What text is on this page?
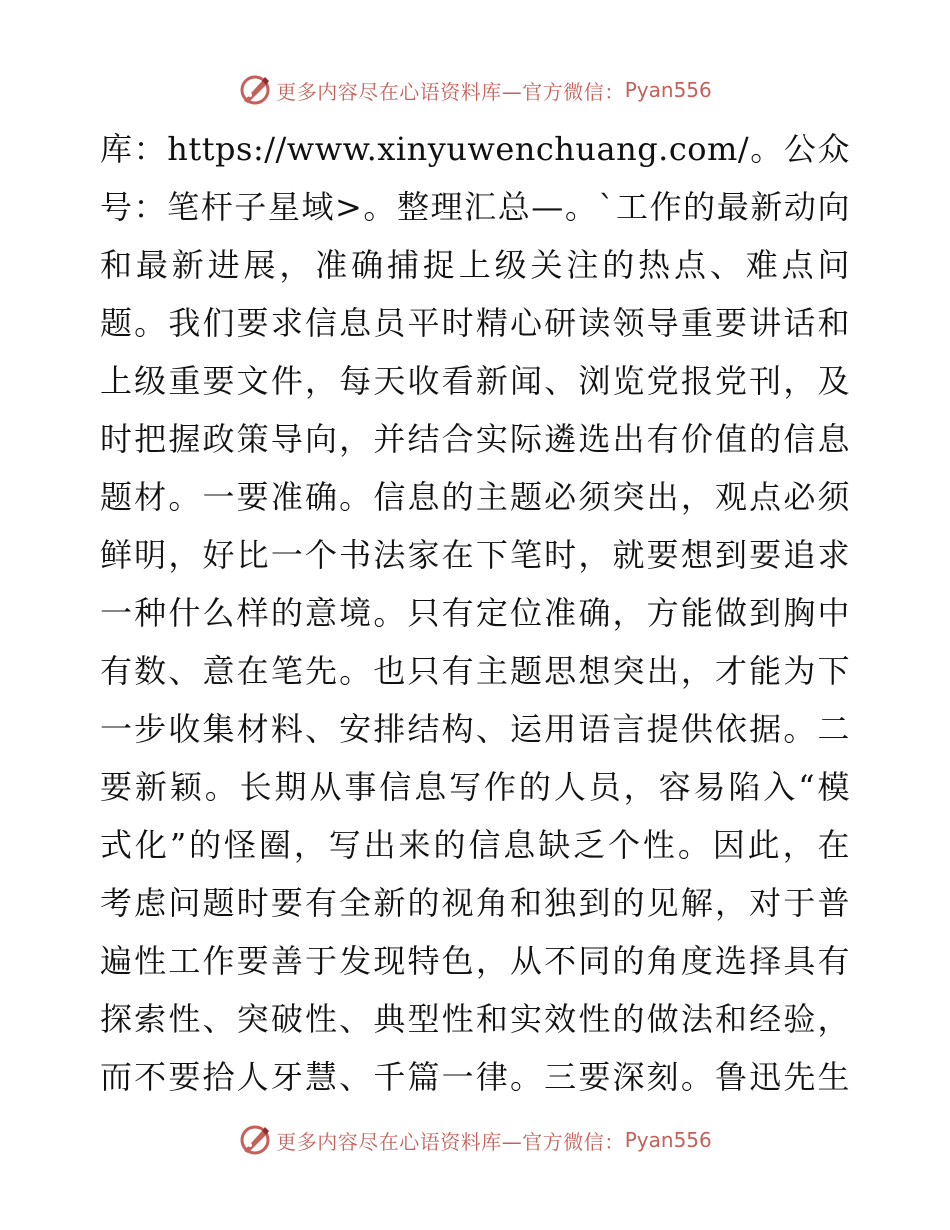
更多内容尽在心语资料库—官方微信： Pyan556
库：https://www.xinyuwenchuang.com/。公众
号：笔杆子星域>。整理汇总—。`工作的最新动向
和最新进展，准确捕捉上级关注的热点、难点问
题。我们要求信息员平时精心研读领导重要讲话和
上级重要文件，每天收看新闻、浏览党报党刊，及
时把握政策导向，并结合实际遴选出有价值的信息
题材。一要准确。信息的主题必须突出，观点必须
鲜明，好比一个书法家在下笔时，就要想到要追求
一种什么样的意境。只有定位准确，方能做到胸中
有数、意在笔先。也只有主题思想突出，才能为下
一步收集材料、安排结构、运用语言提供依据。二
要新颖。长期从事信息写作的人员，容易陷入“模
式化”的怪圈，写出来的信息缺乏个性。因此，在
考虑问题时要有全新的视角和独到的见解，对于普
遍性工作要善于发现特色，从不同的角度选择具有
探索性、突破性、典型性和实效性的做法和经验，
而不要拾人牙慧、千篇一律。三要深刻。鲁迅先生
更多内容尽在心语资料库—官方微信： Pyan556
